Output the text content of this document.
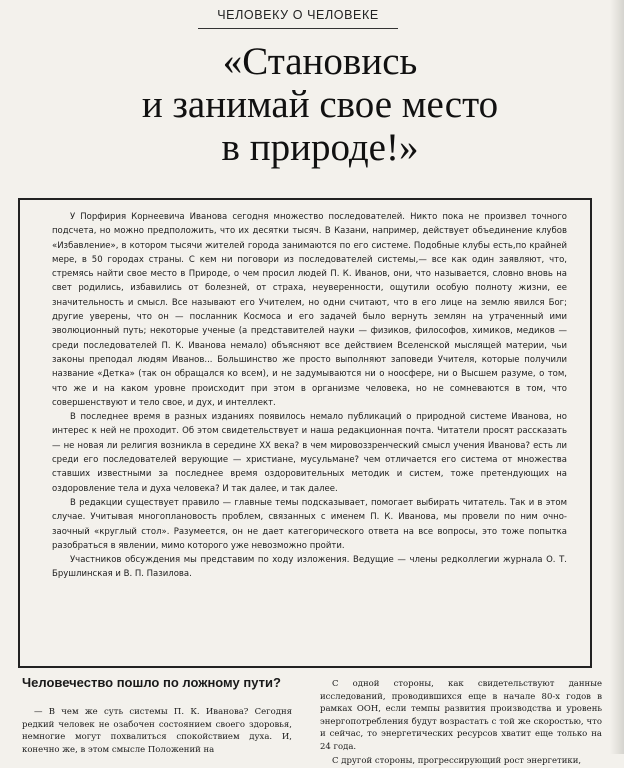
ЧЕЛОВЕКУ О ЧЕЛОВЕКЕ
«Становись
и занимай свое место
в природе!»

У Порфирия Корнеевича Иванова сегодня множество последователей. Никто пока не произвел точного подсчета, но можно предположить, что их десятки тысяч. В Казани, например, действует объединение клубов «Избавление», в котором тысячи жителей города занимаются по его системе. Подобные клубы есть,по крайней мере, в 50 городах страны. С кем ни поговори из последователей системы,— все как один заявляют, что, стремясь найти свое место в Природе, о чем просил людей П. К. Иванов, они, что называется, словно вновь на свет родились, избавились от болезней, от страха, неуверенности, ощутили особую полноту жизни, ее значительность и смысл. Все называют его Учителем, но одни считают, что в его лице на землю явился Бог; другие уверены, что он — посланник Космоса и его задачей было вернуть землян на утраченный ими эволюционный путь; некоторые ученые (а представителей науки — физиков, философов, химиков, медиков — среди последователей П. К. Иванова немало) объясняют все действием Вселенской мыслящей материи, чьи законы преподал людям Иванов... Большинство же просто выполняют заповеди Учителя, которые получили название «Детка» (так он обращался ко всем), и не задумываются ни о ноосфере, ни о Высшем разуме, о том, что же и на каком уровне происходит при этом в организме человека, но не сомневаются в том, что совершенствуют и тело свое, и дух, и интеллект.

В последнее время в разных изданиях появилось немало публикаций о природной системе Иванова, но интерес к ней не проходит. Об этом свидетельствует и наша редакционная почта. Читатели просят рассказать — не новая ли религия возникла в середине XX века? в чем мировоззренческий смысл учения Иванова? есть ли среди его последователей верующие — христиане, мусульмане? чем отличается его система от множества ставших известными за последнее время оздоровительных методик и систем, тоже претендующих на оздоровление тела и духа человека? И так далее, и так далее.

В редакции существует правило — главные темы подсказывает, помогает выбирать читатель. Так и в этом случае. Учитывая многоплановость проблем, связанных с именем П. К. Иванова, мы провели по ним очно-заочный «круглый стол». Разумеется, он не дает категорического ответа на все вопросы, это тоже попытка разобраться в явлении, мимо которого уже невозможно пройти.

Участников обсуждения мы представим по ходу изложения. Ведущие — члены редколлегии журнала О. Т. Брушлинская и В. П. Пазилова.

Человечество пошло по ложному пути?

— В чем же суть системы П. К. Иванова? Сегодня редкий человек не озабочен состоянием своего здоровья, немногие могут похвалиться спокойствием духа. И, конечно же, в этом смысле Положений на

С одной стороны, как свидетельствуют данные исследований, проводившихся еще в начале 80-х годов в рамках ООН, если темпы развития производства и уровень энергопотребления будут возрастать с той же скоростью, что и сейчас, то энергетических ресурсов хватит еще только на 24 года.

С другой стороны, прогрессирующий рост энергетики,
